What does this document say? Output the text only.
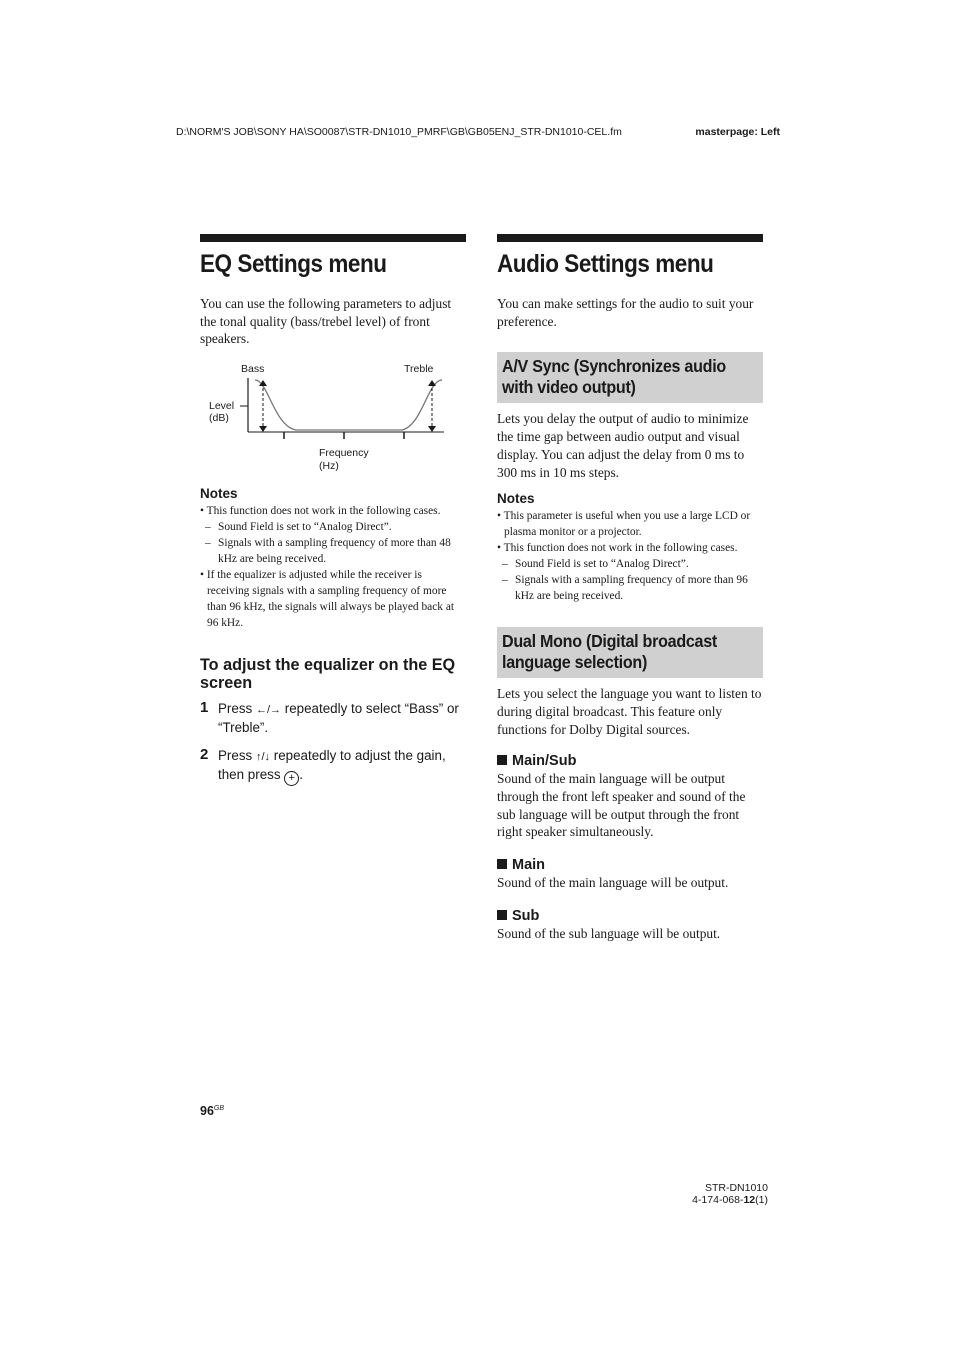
D:\NORM'S JOB\SONY HA\SO0087\STR-DN1010_PMRF\GB\GB05ENJ_STR-DN1010-CEL.fm	masterpage: Left
EQ Settings menu

You can use the following parameters to adjust the tonal quality (bass/trebel level) of front speakers.

Bass	Treble
Level
(dB)
Frequency
(Hz)
Notes
• This function does not work in the following cases.
– Sound Field is set to “Analog Direct”.
– Signals with a sampling frequency of more than 48 kHz are being received.
• If the equalizer is adjusted while the receiver is receiving signals with a sampling frequency of more than 96 kHz, the signals will always be played back at 96 kHz.
To adjust the equalizer on the EQ screen
1 Press ←/→ repeatedly to select “Bass” or “Treble”.
2 Press ↑/↓ repeatedly to adjust the gain, then press + .
Audio Settings menu

You can make settings for the audio to suit your preference.

A/V Sync (Synchronizes audio
with video output)

Lets you delay the output of audio to minimize the time gap between audio output and visual display. You can adjust the delay from 0 ms to 300 ms in 10 ms steps.

Notes
• This parameter is useful when you use a large LCD or plasma monitor or a projector.
• This function does not work in the following cases.
– Sound Field is set to “Analog Direct”.
– Signals with a sampling frequency of more than 96 kHz are being received.
Dual Mono (Digital broadcast
language selection)

Lets you select the language you want to listen to during digital broadcast. This feature only functions for Dolby Digital sources.

Main/Sub

Sound of the main language will be output through the front left speaker and sound of the sub language will be output through the front right speaker simultaneously.

Main

Sound of the main language will be output.

Sub

Sound of the sub language will be output.

$96^{GB}$
STR-DN1010
4-174-068-12(1)
